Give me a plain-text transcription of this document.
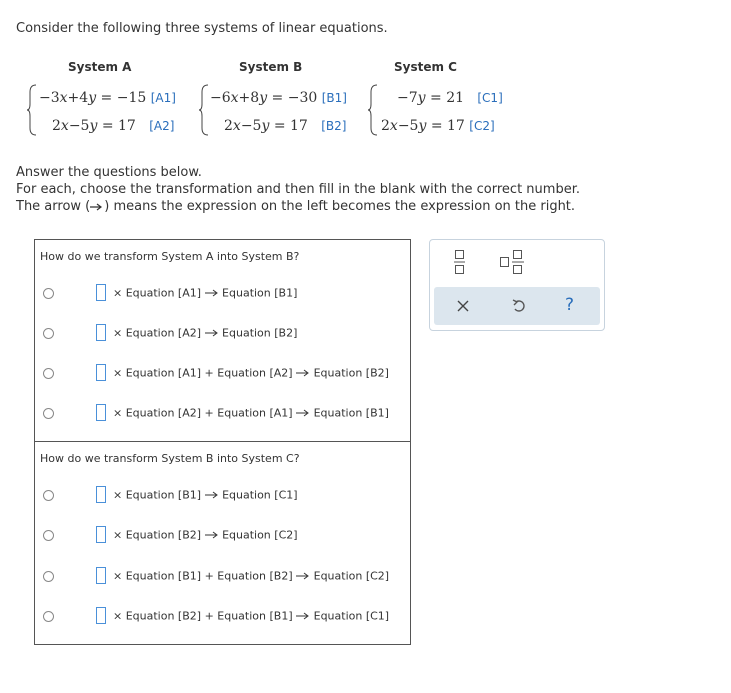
Consider the following three systems of linear equations.
System A	System B	System C
−3x+4y = −15 [A1]
2x−5y = 17   [A2]
−6x+8y = −30 [B1]
2x−5y = 17   [B2]
−7y = 21   [C1]
2x−5y = 17 [C2]
Answer the questions below.
For each, choose the transformation and then fill in the blank with the correct number.
The arrow ( ) means the expression on the left becomes the expression on the right.
How do we transform System A into System B?
× Equation [A1] Equation [B1]
× Equation [A2] Equation [B2]
× Equation [A1] + Equation [A2] Equation [B2]
× Equation [A2] + Equation [A1] Equation [B1]
How do we transform System B into System C?
× Equation [B1] Equation [C1]
× Equation [B2] Equation [C2]
× Equation [B1] + Equation [B2] Equation [C2]
× Equation [B2] + Equation [B1] Equation [C1]
?
